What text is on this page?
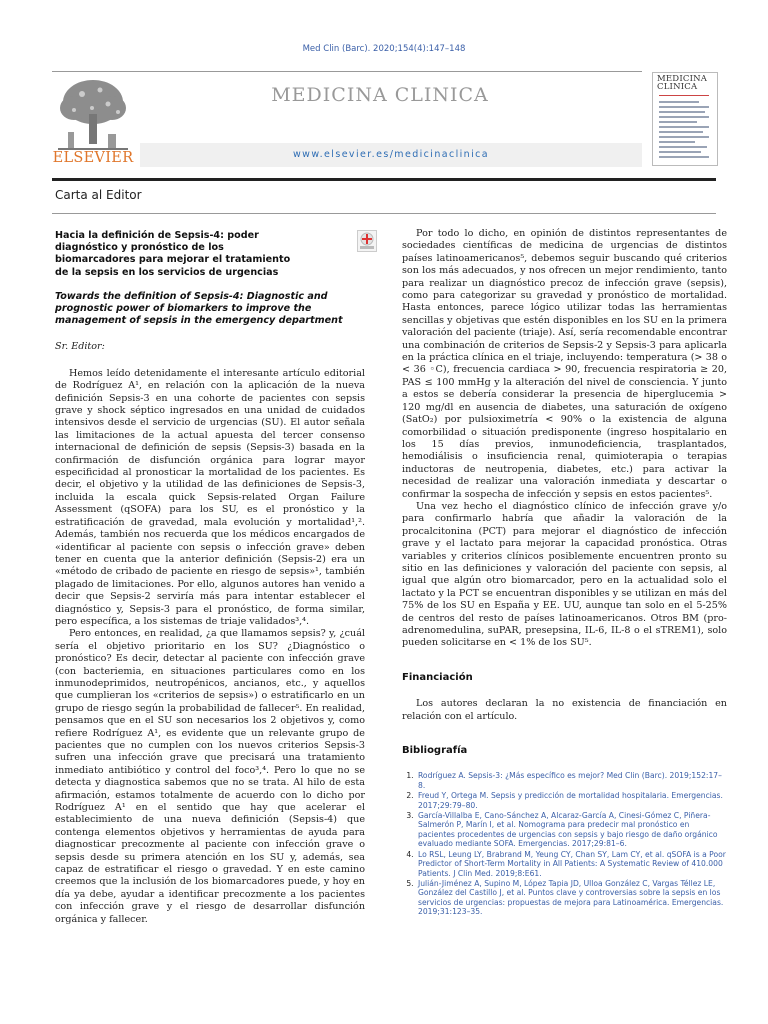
Med Clin (Barc). 2020;154(4):147–148
ELSEVIER
MEDICINA CLINICA
www.elsevier.es/medicinaclinica
MEDICINA
CLINICA
Carta al Editor
Hacia la definición de Sepsis-4: poder diagnóstico y pronóstico de los biomarcadores para mejorar el tratamiento de la sepsis en los servicios de urgencias
Towards the definition of Sepsis-4: Diagnostic and prognostic power of biomarkers to improve the management of sepsis in the emergency department
Sr. Editor:

Hemos leído detenidamente el interesante artículo editorial de Rodríguez A¹, en relación con la aplicación de la nueva definición Sepsis-3 en una cohorte de pacientes con sepsis grave y shock séptico ingresados en una unidad de cuidados intensivos desde el servicio de urgencias (SU). El autor señala las limitaciones de la actual apuesta del tercer consenso internacional de definición de sepsis (Sepsis-3) basada en la confirmación de disfunción orgánica para lograr mayor especificidad al pronosticar la mortalidad de los pacientes. Es decir, el objetivo y la utilidad de las definiciones de Sepsis-3, incluida la escala quick Sepsis-related Organ Failure Assessment (qSOFA) para los SU, es el pronóstico y la estratificación de gravedad, mala evolución y mortalidad¹,². Además, también nos recuerda que los médicos encargados de «identificar al paciente con sepsis o infección grave» deben tener en cuenta que la anterior definición (Sepsis-2) era un «método de cribado de paciente en riesgo de sepsis»¹, también plagado de limitaciones. Por ello, algunos autores han venido a decir que Sepsis-2 serviría más para intentar establecer el diagnóstico y, Sepsis-3 para el pronóstico, de forma similar, pero específica, a los sistemas de triaje validados³,⁴.

Pero entonces, en realidad, ¿a que llamamos sepsis? y, ¿cuál sería el objetivo prioritario en los SU? ¿Diagnóstico o pronóstico? Es decir, detectar al paciente con infección grave (con bacteriemia, en situaciones particulares como en los inmunodeprimidos, neutropénicos, ancianos, etc., y aquellos que cumplieran los «criterios de sepsis») o estratificarlo en un grupo de riesgo según la probabilidad de fallecer⁵. En realidad, pensamos que en el SU son necesarios los 2 objetivos y, como refiere Rodríguez A¹, es evidente que un relevante grupo de pacientes que no cumplen con los nuevos criterios Sepsis-3 sufren una infección grave que precisará una tratamiento inmediato antibiótico y control del foco³,⁴. Pero lo que no se detecta y diagnostica sabemos que no se trata. Al hilo de esta afirmación, estamos totalmente de acuerdo con lo dicho por Rodríguez A¹ en el sentido que hay que acelerar el establecimiento de una nueva definición (Sepsis-4) que contenga elementos objetivos y herramientas de ayuda para diagnosticar precozmente al paciente con infección grave o sepsis desde su primera atención en los SU y, además, sea capaz de estratificar el riesgo o gravedad. Y en este camino creemos que la inclusión de los biomarcadores puede, y hoy en día ya debe, ayudar a identificar precozmente a los pacientes con infección grave y el riesgo de desarrollar disfunción orgánica y fallecer.

Por todo lo dicho, en opinión de distintos representantes de sociedades científicas de medicina de urgencias de distintos países latinoamericanos⁵, debemos seguir buscando qué criterios son los más adecuados, y nos ofrecen un mejor rendimiento, tanto para realizar un diagnóstico precoz de infección grave (sepsis), como para categorizar su gravedad y pronóstico de mortalidad. Hasta entonces, parece lógico utilizar todas las herramientas sencillas y objetivas que estén disponibles en los SU en la primera valoración del paciente (triaje). Así, sería recomendable encontrar una combinación de criterios de Sepsis-2 y Sepsis-3 para aplicarla en la práctica clínica en el triaje, incluyendo: temperatura (> 38 o < 36 ◦C), frecuencia cardiaca > 90, frecuencia respiratoria ≥ 20, PAS ≤ 100 mmHg y la alteración del nivel de consciencia. Y junto a estos se debería considerar la presencia de hiperglucemia > 120 mg/dl en ausencia de diabetes, una saturación de oxígeno (SatO₂) por pulsioximetría < 90% o la existencia de alguna comorbilidad o situación predisponente (ingreso hospitalario en los 15 días previos, inmunodeficiencia, trasplantados, hemodiálisis o insuficiencia renal, quimioterapia o terapias inductoras de neutropenia, diabetes, etc.) para activar la necesidad de realizar una valoración inmediata y descartar o confirmar la sospecha de infección y sepsis en estos pacientes⁵.

Una vez hecho el diagnóstico clínico de infección grave y/o para confirmarlo habría que añadir la valoración de la procalcitonina (PCT) para mejorar el diagnóstico de infección grave y el lactato para mejorar la capacidad pronóstica. Otras variables y criterios clínicos posiblemente encuentren pronto su sitio en las definiciones y valoración del paciente con sepsis, al igual que algún otro biomarcador, pero en la actualidad solo el lactato y la PCT se encuentran disponibles y se utilizan en más del 75% de los SU en España y EE. UU, aunque tan solo en el 5-25% de centros del resto de países latinoamericanos. Otros BM (pro-adrenomedulina, suPAR, presepsina, IL-6, IL-8 o el sTREM1), solo pueden solicitarse en < 1% de los SU⁵.

Financiación

Los autores declaran la no existencia de financiación en relación con el artículo.

Bibliografía
1. Rodríguez A. Sepsis-3: ¿Más específico es mejor? Med Clin (Barc). 2019;152:17–8.
2. Freud Y, Ortega M. Sepsis y predicción de mortalidad hospitalaria. Emergencias. 2017;29:79–80.
3. García-Villalba E, Cano-Sánchez A, Alcaraz-García A, Cinesi-Gómez C, Piñera-Salmerón P, Marín I, et al. Nomograma para predecir mal pronóstico en pacientes procedentes de urgencias con sepsis y bajo riesgo de daño orgánico evaluado mediante SOFA. Emergencias. 2017;29:81–6.
4. Lo RSL, Leung LY, Brabrand M, Yeung CY, Chan SY, Lam CY, et al. qSOFA is a Poor Predictor of Short-Term Mortality in All Patients: A Systematic Review of 410.000 Patients. J Clin Med. 2019;8:E61.
5. Julián-Jiménez A, Supino M, López Tapia JD, Ulloa González C, Vargas Téllez LE, González del Castillo J, et al. Puntos clave y controversias sobre la sepsis en los servicios de urgencias: propuestas de mejora para Latinoamérica. Emergencias. 2019;31:123–35.
